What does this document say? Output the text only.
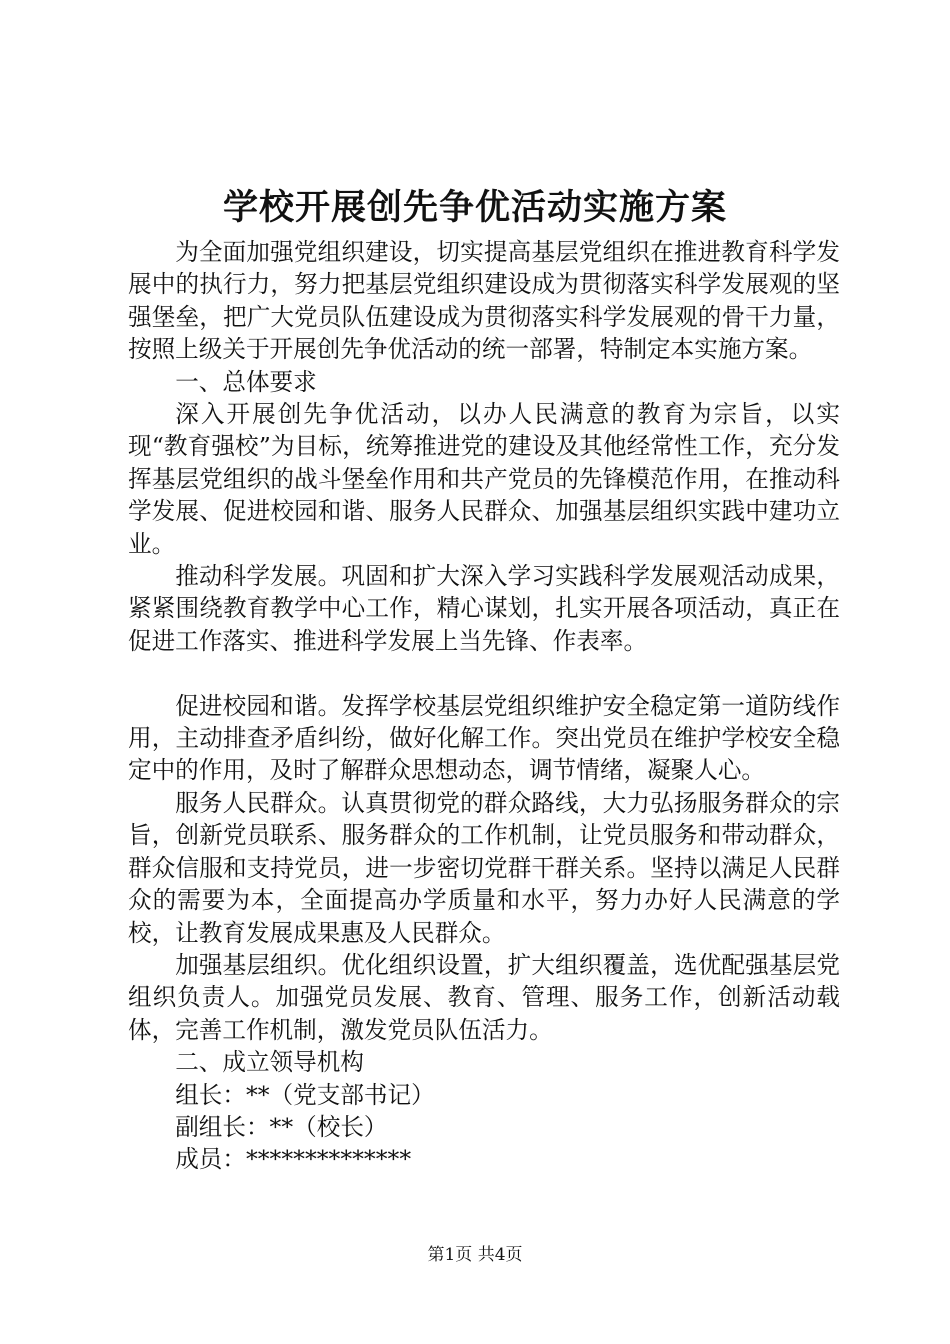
学校开展创先争优活动实施方案

为全面加强党组织建设，切实提高基层党组织在推进教育科学发展中的执行力，努力把基层党组织建设成为贯彻落实科学发展观的坚强堡垒，把广大党员队伍建设成为贯彻落实科学发展观的骨干力量，按照上级关于开展创先争优活动的统一部署，特制定本实施方案。

一、总体要求

深入开展创先争优活动，以办人民满意的教育为宗旨，以实现“教育强校”为目标，统筹推进党的建设及其他经常性工作，充分发挥基层党组织的战斗堡垒作用和共产党员的先锋模范作用，在推动科学发展、促进校园和谐、服务人民群众、加强基层组织实践中建功立业。

推动科学发展。巩固和扩大深入学习实践科学发展观活动成果，紧紧围绕教育教学中心工作，精心谋划，扎实开展各项活动，真正在促进工作落实、推进科学发展上当先锋、作表率。

促进校园和谐。发挥学校基层党组织维护安全稳定第一道防线作用，主动排查矛盾纠纷，做好化解工作。突出党员在维护学校安全稳定中的作用，及时了解群众思想动态，调节情绪，凝聚人心。

服务人民群众。认真贯彻党的群众路线，大力弘扬服务群众的宗旨，创新党员联系、服务群众的工作机制，让党员服务和带动群众，群众信服和支持党员，进一步密切党群干群关系。坚持以满足人民群众的需要为本，全面提高办学质量和水平，努力办好人民满意的学校，让教育发展成果惠及人民群众。

加强基层组织。优化组织设置，扩大组织覆盖，选优配强基层党组织负责人。加强党员发展、教育、管理、服务工作，创新活动载体，完善工作机制，激发党员队伍活力。

二、成立领导机构

组长：**（党支部书记）

副组长：**（校长）

成员：**************

第1页 共4页
